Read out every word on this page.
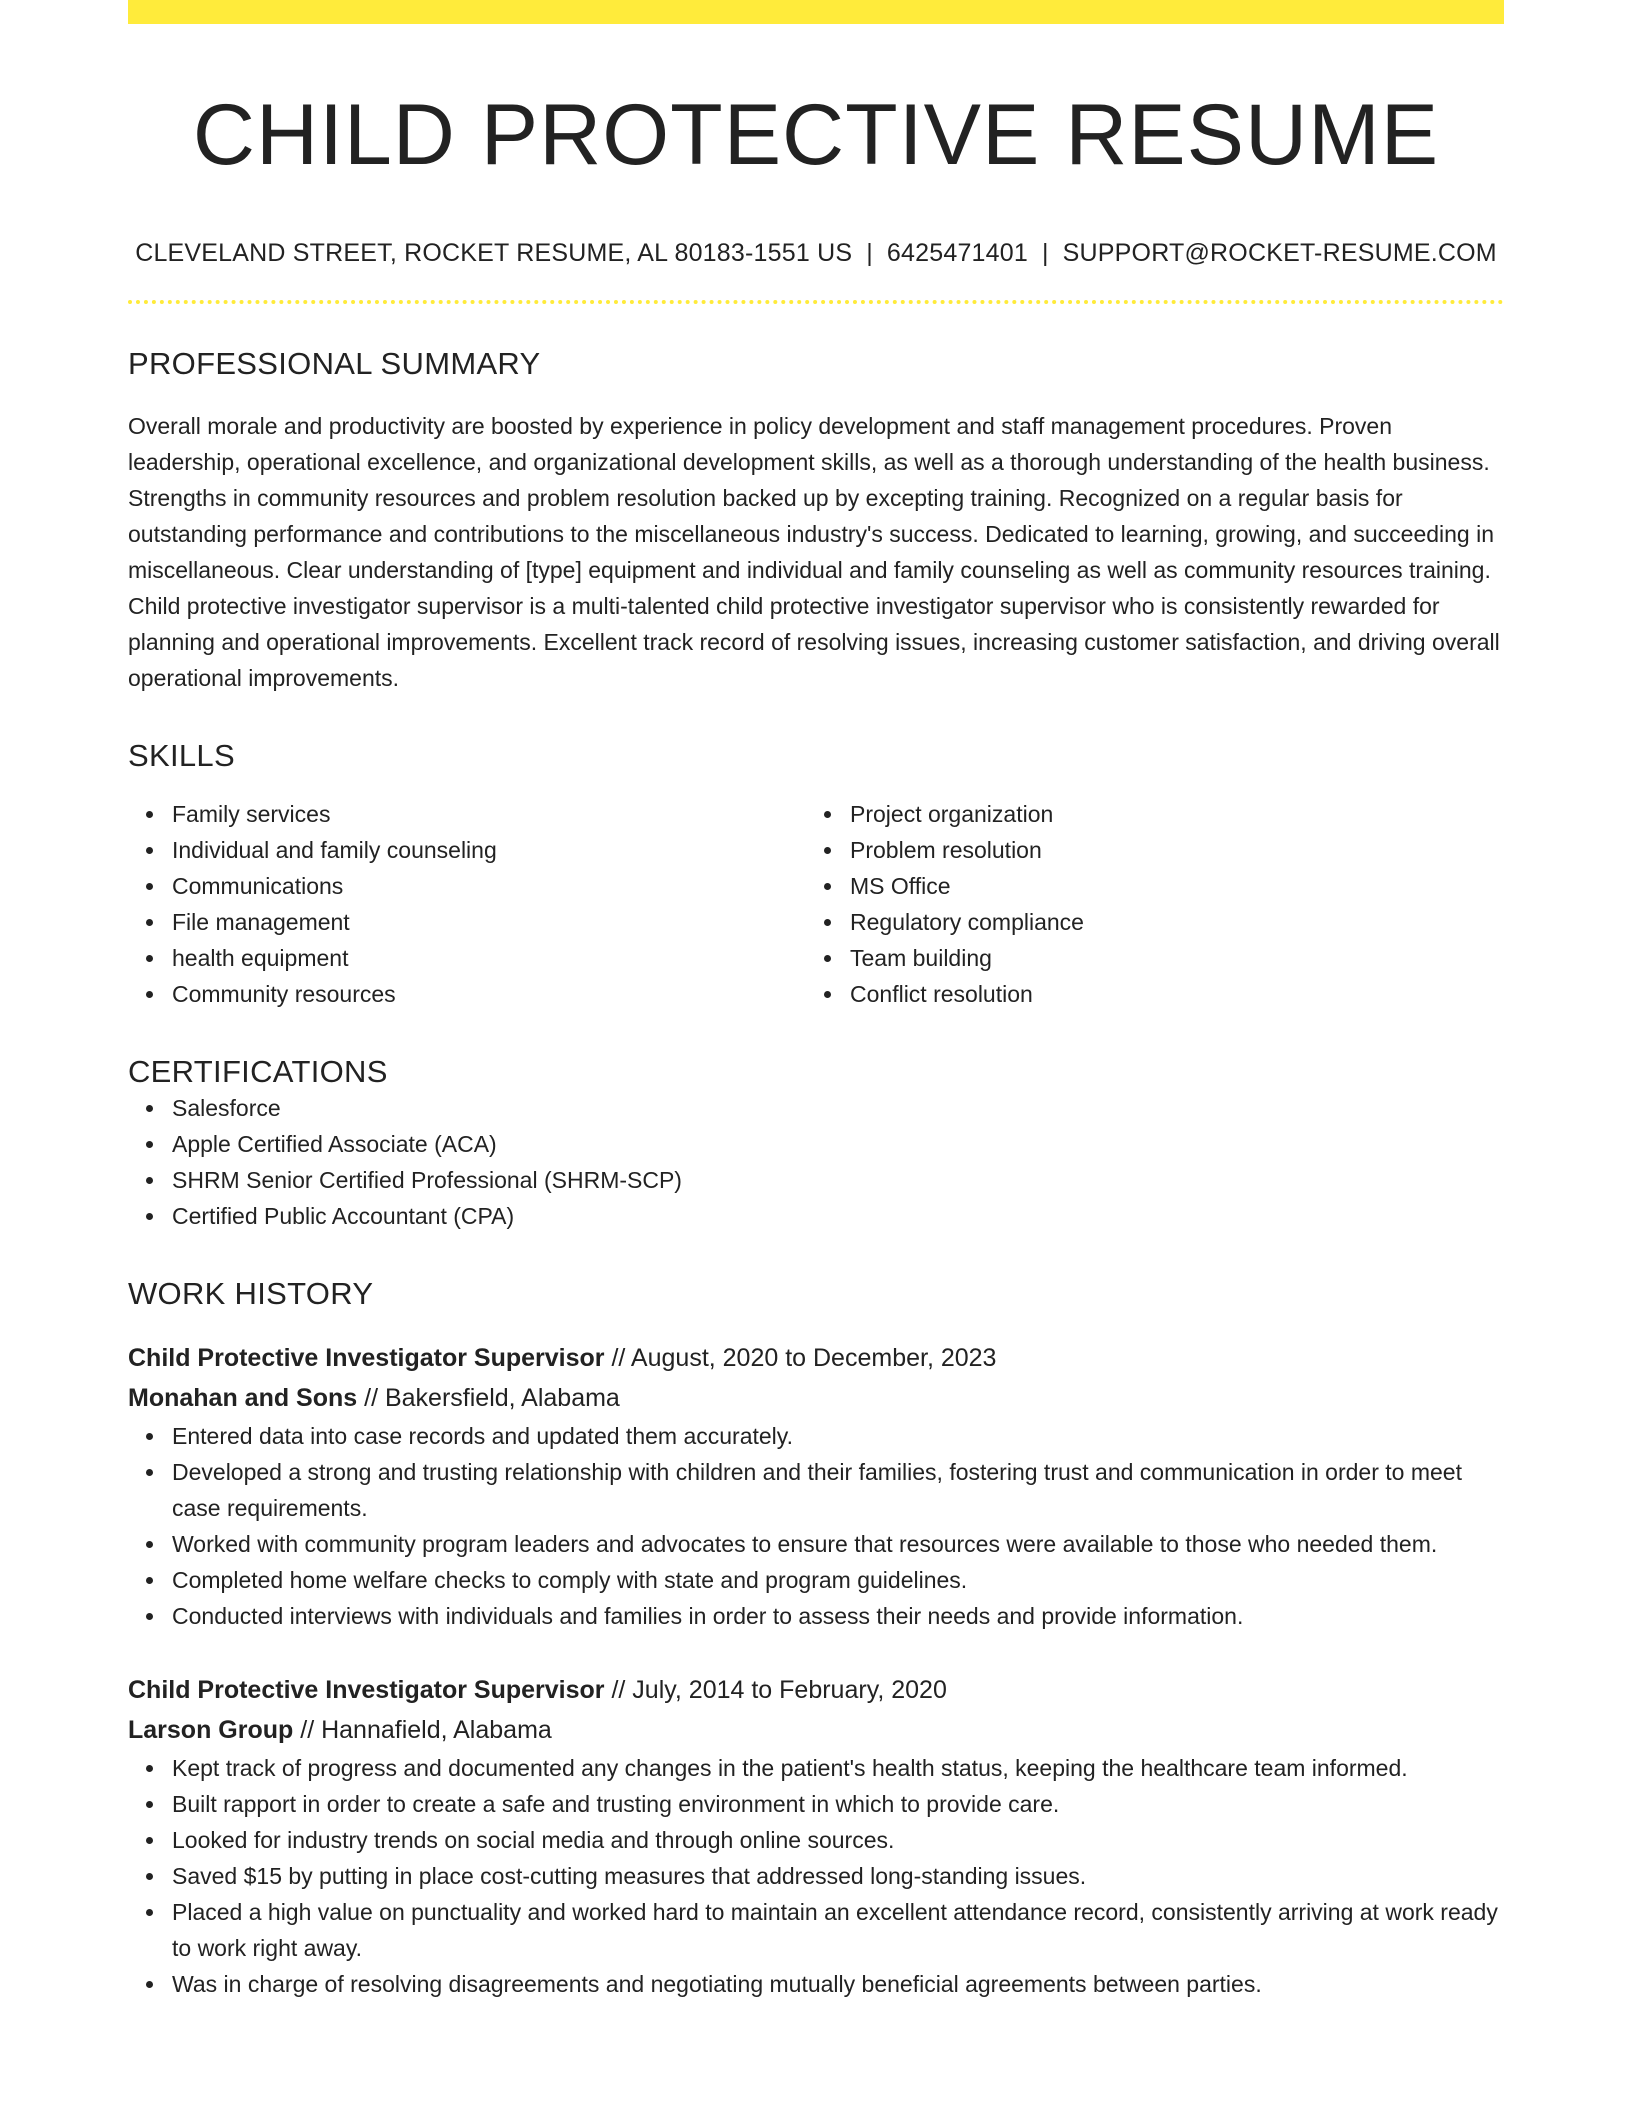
CHILD PROTECTIVE RESUME
CLEVELAND STREET, ROCKET RESUME, AL 80183-1551 US | 6425471401 | SUPPORT@ROCKET-RESUME.COM
PROFESSIONAL SUMMARY

Overall morale and productivity are boosted by experience in policy development and staff management procedures. Proven leadership, operational excellence, and organizational development skills, as well as a thorough understanding of the health business. Strengths in community resources and problem resolution backed up by excepting training. Recognized on a regular basis for outstanding performance and contributions to the miscellaneous industry's success. Dedicated to learning, growing, and succeeding in miscellaneous. Clear understanding of [type] equipment and individual and family counseling as well as community resources training. Child protective investigator supervisor is a multi-talented child protective investigator supervisor who is consistently rewarded for planning and operational improvements. Excellent track record of resolving issues, increasing customer satisfaction, and driving overall operational improvements.

SKILLS
Family services
Individual and family counseling
Communications
File management
health equipment
Community resources
Project organization
Problem resolution
MS Office
Regulatory compliance
Team building
Conflict resolution
CERTIFICATIONS
Salesforce
Apple Certified Associate (ACA)
SHRM Senior Certified Professional (SHRM-SCP)
Certified Public Accountant (CPA)
WORK HISTORY
Child Protective Investigator Supervisor // August, 2020 to December, 2023
Monahan and Sons // Bakersfield, Alabama
Entered data into case records and updated them accurately.
Developed a strong and trusting relationship with children and their families, fostering trust and communication in order to meet case requirements.
Worked with community program leaders and advocates to ensure that resources were available to those who needed them.
Completed home welfare checks to comply with state and program guidelines.
Conducted interviews with individuals and families in order to assess their needs and provide information.
Child Protective Investigator Supervisor // July, 2014 to February, 2020
Larson Group // Hannafield, Alabama
Kept track of progress and documented any changes in the patient's health status, keeping the healthcare team informed.
Built rapport in order to create a safe and trusting environment in which to provide care.
Looked for industry trends on social media and through online sources.
Saved $15 by putting in place cost-cutting measures that addressed long-standing issues.
Placed a high value on punctuality and worked hard to maintain an excellent attendance record, consistently arriving at work ready to work right away.
Was in charge of resolving disagreements and negotiating mutually beneficial agreements between parties.
